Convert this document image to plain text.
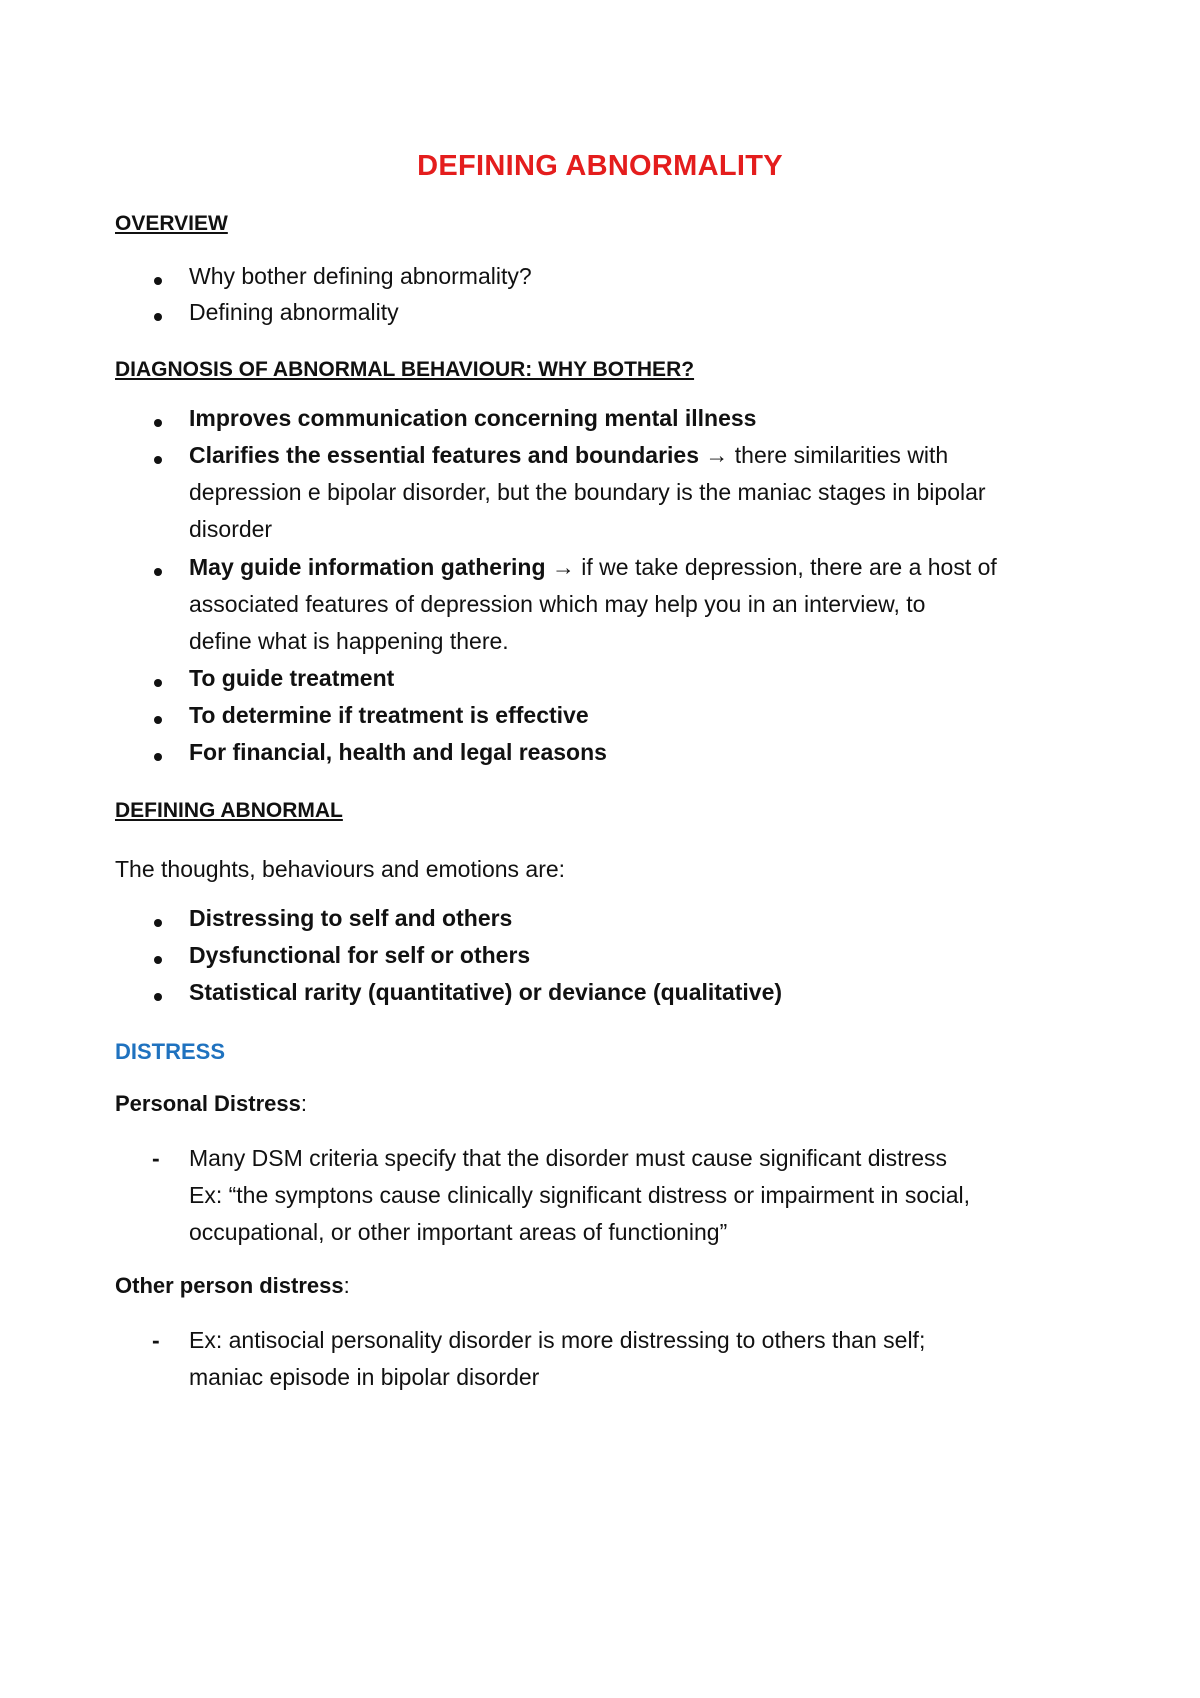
DEFINING ABNORMALITY
OVERVIEW
Why bother defining abnormality?
Defining abnormality
DIAGNOSIS OF ABNORMAL BEHAVIOUR: WHY BOTHER?
Improves communication concerning mental illness
Clarifies the essential features and boundaries → there similarities with
depression e bipolar disorder, but the boundary is the maniac stages in bipolar
disorder
May guide information gathering → if we take depression, there are a host of
associated features of depression which may help you in an interview, to
define what is happening there.
To guide treatment
To determine if treatment is effective
For financial, health and legal reasons
DEFINING ABNORMAL
The thoughts, behaviours and emotions are:
Distressing to self and others
Dysfunctional for self or others
Statistical rarity (quantitative) or deviance (qualitative)
DISTRESS
Personal Distress:
- Many DSM criteria specify that the disorder must cause significant distress
Ex: “the symptons cause clinically significant distress or impairment in social,
occupational, or other important areas of functioning”
Other person distress:
- Ex: antisocial personality disorder is more distressing to others than self;
maniac episode in bipolar disorder
